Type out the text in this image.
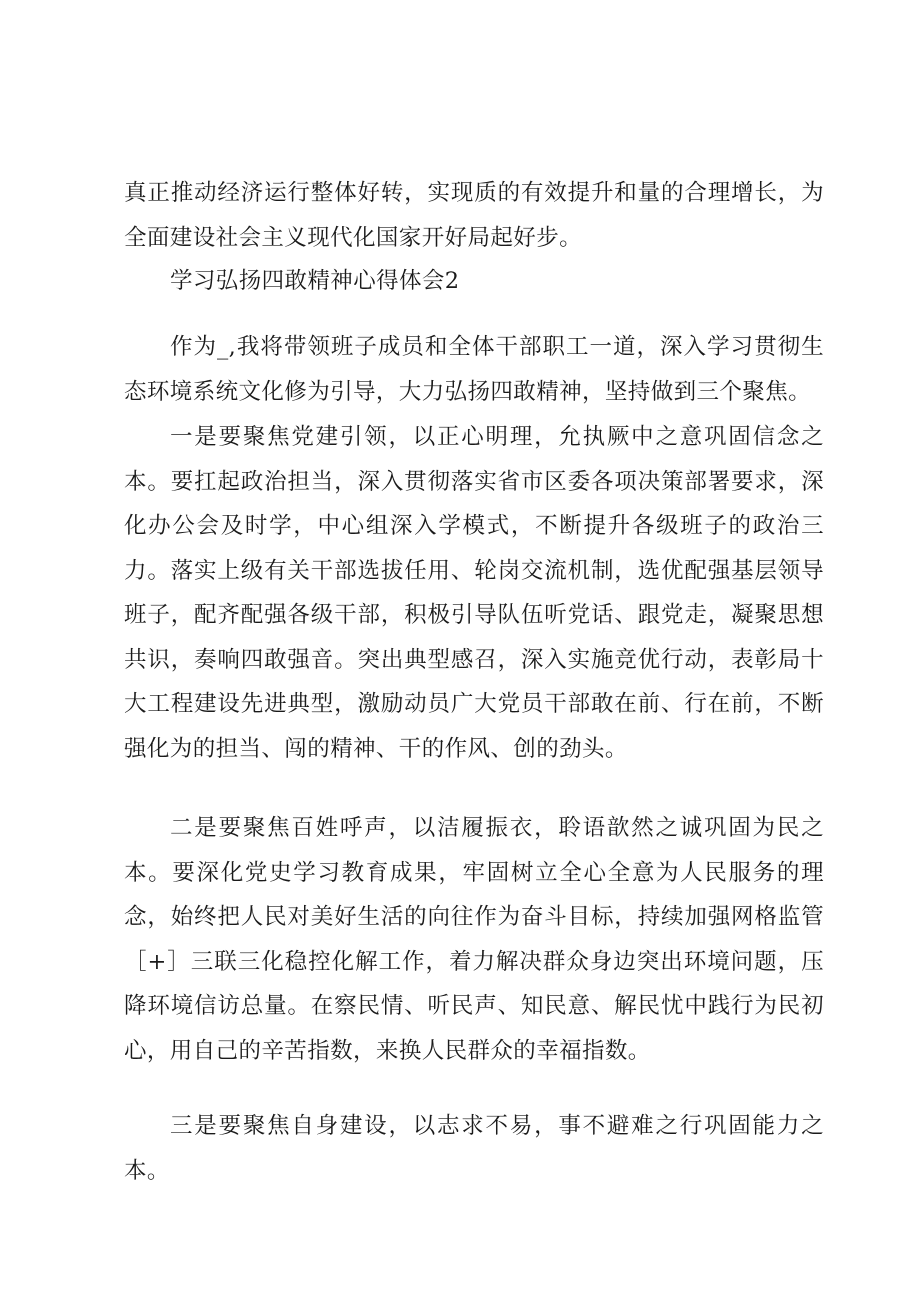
真正推动经济运行整体好转，实现质的有效提升和量的合理增长，为全面建设社会主义现代化国家开好局起好步。

学习弘扬四敢精神心得体会2

作为_,我将带领班子成员和全体干部职工一道，深入学习贯彻生态环境系统文化修为引导，大力弘扬四敢精神，坚持做到三个聚焦。

一是要聚焦党建引领，以正心明理，允执厥中之意巩固信念之本。要扛起政治担当，深入贯彻落实省市区委各项决策部署要求，深化办公会及时学，中心组深入学模式，不断提升各级班子的政治三力。落实上级有关干部选拔任用、轮岗交流机制，选优配强基层领导班子，配齐配强各级干部，积极引导队伍听党话、跟党走，凝聚思想共识，奏响四敢强音。突出典型感召，深入实施竞优行动，表彰局十大工程建设先进典型，激励动员广大党员干部敢在前、行在前，不断强化为的担当、闯的精神、干的作风、创的劲头。

二是要聚焦百姓呼声，以洁履振衣，聆语歆然之诚巩固为民之本。要深化党史学习教育成果，牢固树立全心全意为人民服务的理念，始终把人民对美好生活的向往作为奋斗目标，持续加强网格监管［+］三联三化稳控化解工作，着力解决群众身边突出环境问题，压降环境信访总量。在察民情、听民声、知民意、解民忧中践行为民初心，用自己的辛苦指数，来换人民群众的幸福指数。

三是要聚焦自身建设，以志求不易，事不避难之行巩固能力之本。
